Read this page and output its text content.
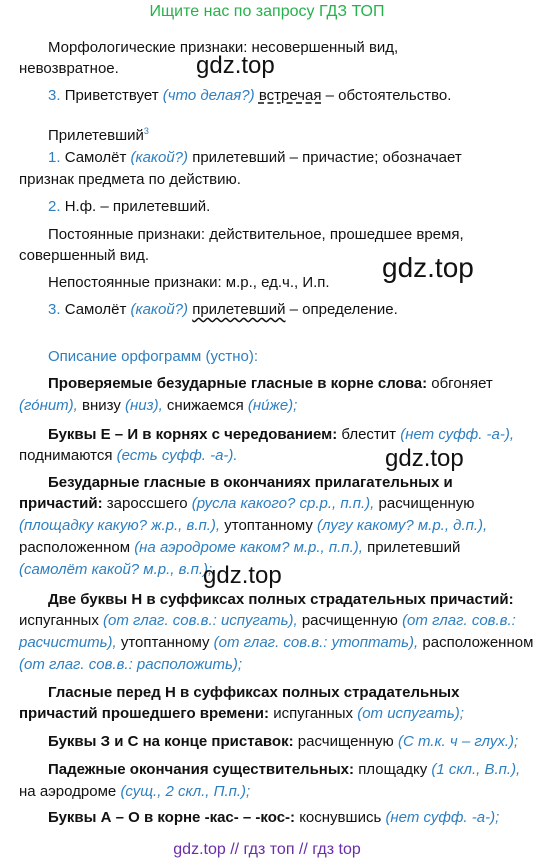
Ищите нас по запросу ГДЗ ТОП
Морфологические признаки: несовершенный вид,
невозвратное.	gdz.top
3. Приветствует (что делая?) встречая – обстоятельство.
Прилетевший$^3$
1. Самолёт (какой?) прилетевший – причастие; обозначает
признак предмета по действию.
2. Н.ф. – прилетевший.
Постоянные признаки: действительное, прошедшее время,
совершенный вид.	gdz.top
Непостоянные признаки: м.р., ед.ч., И.п.
3. Самолёт (какой?) прилетевший – определение.
Описание орфограмм (устно):
Проверяемые безударные гласные в корне слова: обгоняет
(го́нит), внизу (низ), снижаемся (ни́же);
Буквы Е – И в корнях с чередованием: блестит (нет суфф. -а-),
поднимаются (есть суфф. -а-).	gdz.top
Безударные гласные в окончаниях прилагательных и
причастий: зароссшего (русла какого? ср.р., п.п.), расчищенную
(площадку какую? ж.р., в.п.), утоптанному (лугу какому? м.р., д.п.),
расположенном (на аэродроме каком? м.р., п.п.), прилетевший
(самолёт какой? м.р., в.п.);
gdz.top
Две буквы Н в суффиксах полных страдательных причастий:
испуганных (от глаг. сов.в.: испугать), расчищенную (от глаг. сов.в.:
расчистить), утоптанному (от глаг. сов.в.: утоптать), расположенном
(от глаг. сов.в.: расположить);
Гласные перед Н в суффиксах полных страдательных
причастий прошедшего времени: испуганных (от испугать);
Буквы З и С на конце приставок: расчищенную (С т.к. ч – глух.);
Падежные окончания существительных: площадку (1 скл., В.п.),
на аэродроме (сущ., 2 скл., П.п.);
Буквы А – О в корне -кас- – -кос-: коснувшись (нет суфф. -а-);
gdz.top // гдз топ // гдз top
